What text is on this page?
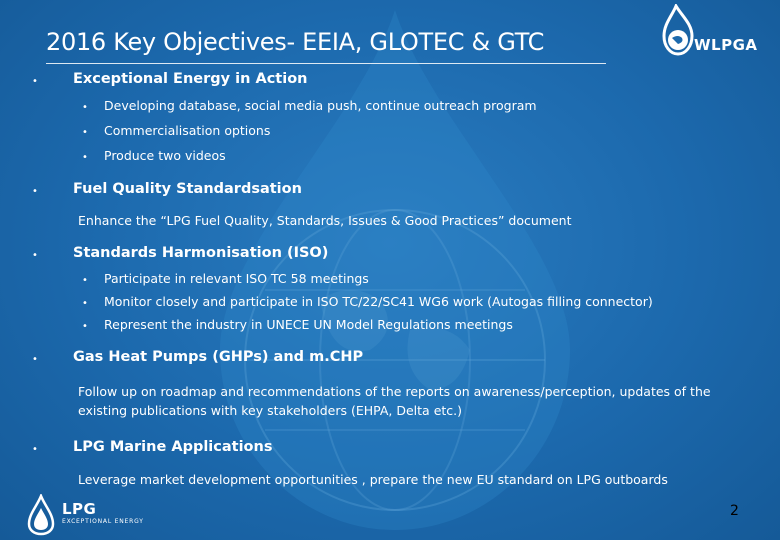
2016 Key Objectives- EEIA, GLOTEC & GTC	WLPGA
• Exceptional Energy in Action
• Developing database, social media push, continue outreach program
• Commercialisation options
• Produce two videos
• Fuel Quality Standardsation
Enhance the “LPG Fuel Quality, Standards, Issues & Good Practices” document
• Standards Harmonisation (ISO)
• Participate in relevant ISO TC 58 meetings
• Monitor closely and participate in ISO TC/22/SC41 WG6 work (Autogas filling connector)
• Represent the industry in UNECE UN Model Regulations meetings
• Gas Heat Pumps (GHPs) and m.CHP
Follow up on roadmap and recommendations of the reports on awareness/perception, updates of the existing publications with key stakeholders (EHPA, Delta etc.)
• LPG Marine Applications
Leverage market development opportunities , prepare the new EU standard on LPG outboards
LPG
EXCEPTIONAL ENERGY
2
